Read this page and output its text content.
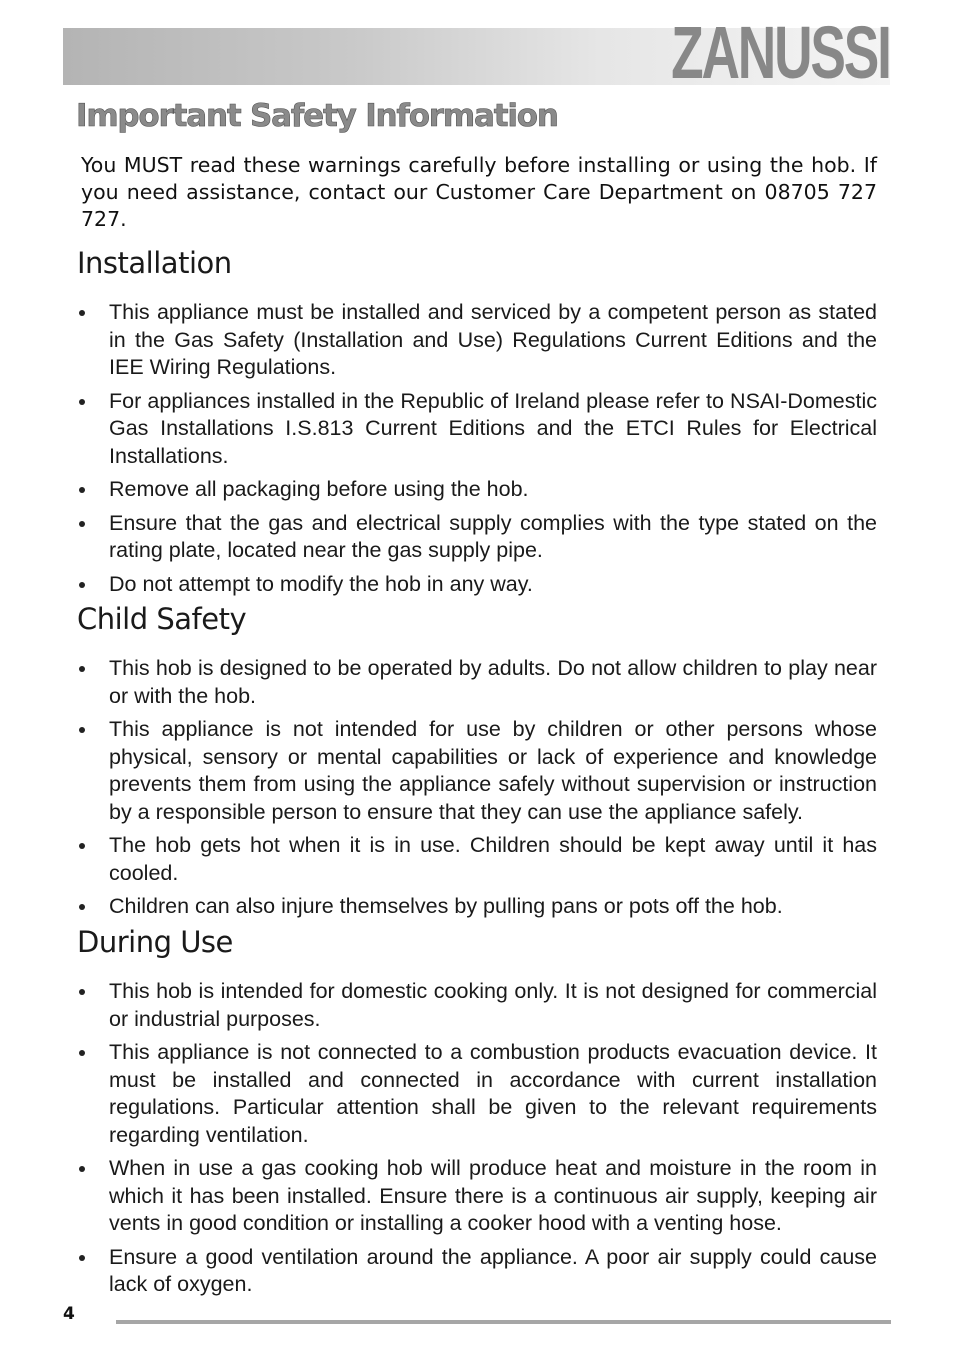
ZANUSSI
Important Safety Information

You MUST read these warnings carefully before installing or using the hob. If you need assistance, contact our Customer Care Department on 08705 727 727.

Installation
This appliance must be installed and serviced by a competent person as stated in the Gas Safety (Installation and Use) Regulations Current Editions and the IEE Wiring Regulations.
For appliances installed in the Republic of Ireland please refer to NSAI-Domestic Gas Installations I.S.813 Current Editions and the ETCI Rules for Electrical Installations.
Remove all packaging before using the hob.
Ensure that the gas and electrical supply complies with the type stated on the rating plate, located near the gas supply pipe.
Do not attempt to modify the hob in any way.
Child Safety
This hob is designed to be operated by adults. Do not allow children to play near or with the hob.
This appliance is not intended for use by children or other persons whose physical, sensory or mental capabilities or lack of experience and knowledge prevents them from using the appliance safely without supervision or instruction by a responsible person to ensure that they can use the appliance safely.
The hob gets hot when it is in use. Children should be kept away until it has cooled.
Children can also injure themselves by pulling pans or pots off the hob.
During Use
This hob is intended for domestic cooking only. It is not designed for commercial or industrial purposes.
This appliance is not connected to a combustion products evacuation device. It must be installed and connected in accordance with current installation regulations. Particular attention shall be given to the relevant requirements regarding ventilation.
When in use a gas cooking hob will produce heat and moisture in the room in which it has been installed. Ensure there is a continuous air supply, keeping air vents in good condition or installing a cooker hood with a venting hose.
Ensure a good ventilation around the appliance. A poor air supply could cause lack of oxygen.
4
